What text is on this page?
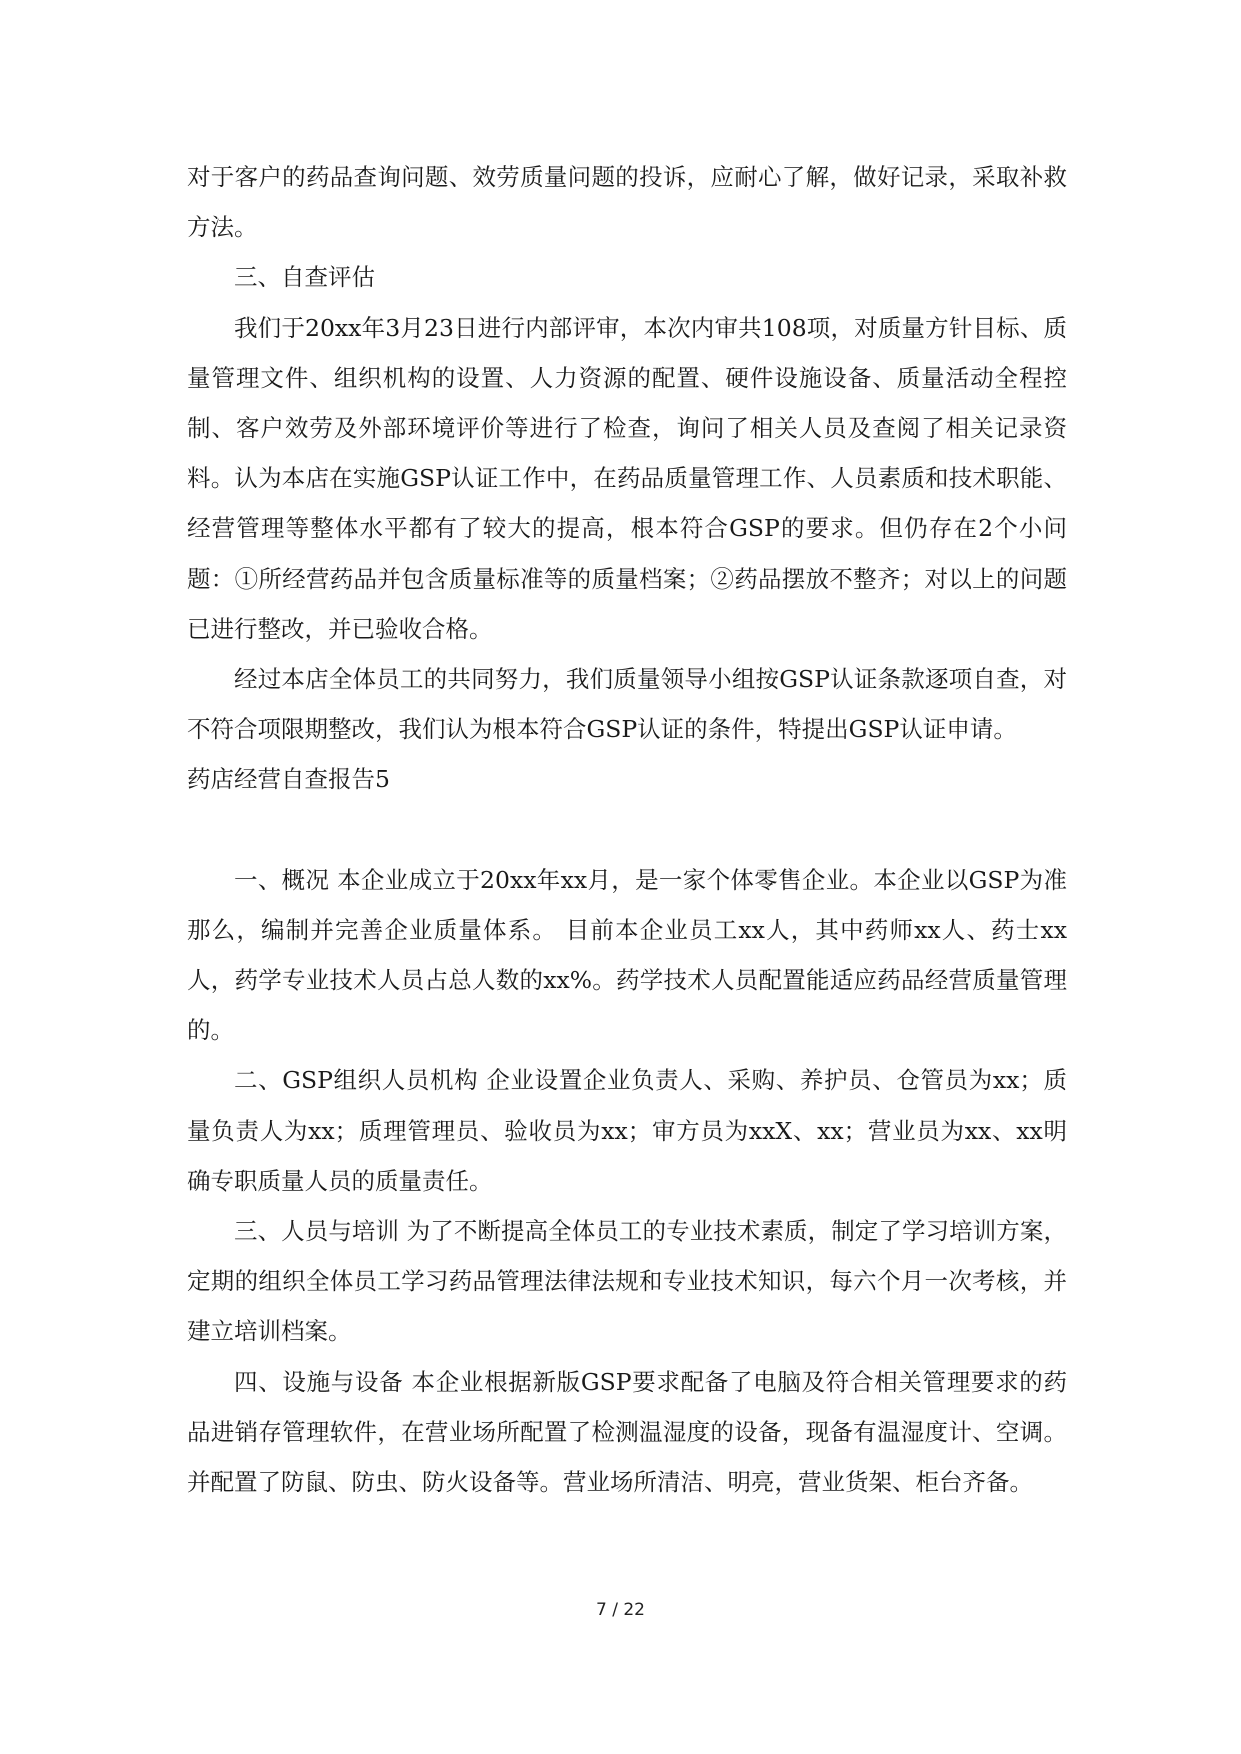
对于客户的药品查询问题、效劳质量问题的投诉，应耐心了解，做好记录，采取补救方法。

三、自查评估

我们于20xx年3月23日进行内部评审，本次内审共108项，对质量方针目标、质量管理文件、组织机构的设置、人力资源的配置、硬件设施设备、质量活动全程控制、客户效劳及外部环境评价等进行了检查，询问了相关人员及查阅了相关记录资料。认为本店在实施GSP认证工作中，在药品质量管理工作、人员素质和技术职能、经营管理等整体水平都有了较大的提高，根本符合GSP的要求。但仍存在2个小问题：①所经营药品并包含质量标准等的质量档案；②药品摆放不整齐；对以上的问题已进行整改，并已验收合格。

经过本店全体员工的共同努力，我们质量领导小组按GSP认证条款逐项自查，对不符合项限期整改，我们认为根本符合GSP认证的条件，特提出GSP认证申请。

药店经营自查报告5

一、概况 本企业成立于20xx年xx月，是一家个体零售企业。本企业以GSP为准那么，编制并完善企业质量体系。 目前本企业员工xx人，其中药师xx人、药士xx人，药学专业技术人员占总人数的xx%。药学技术人员配置能适应药品经营质量管理的。

二、GSP组织人员机构 企业设置企业负责人、采购、养护员、仓管员为xx；质量负责人为xx；质理管理员、验收员为xx；审方员为xxX、xx；营业员为xx、xx明确专职质量人员的质量责任。

三、人员与培训 为了不断提高全体员工的专业技术素质，制定了学习培训方案，定期的组织全体员工学习药品管理法律法规和专业技术知识，每六个月一次考核，并建立培训档案。

四、设施与设备 本企业根据新版GSP要求配备了电脑及符合相关管理要求的药品进销存管理软件，在营业场所配置了检测温湿度的设备，现备有温湿度计、空调。并配置了防鼠、防虫、防火设备等。营业场所清洁、明亮，营业货架、柜台齐备。

7 / 22
